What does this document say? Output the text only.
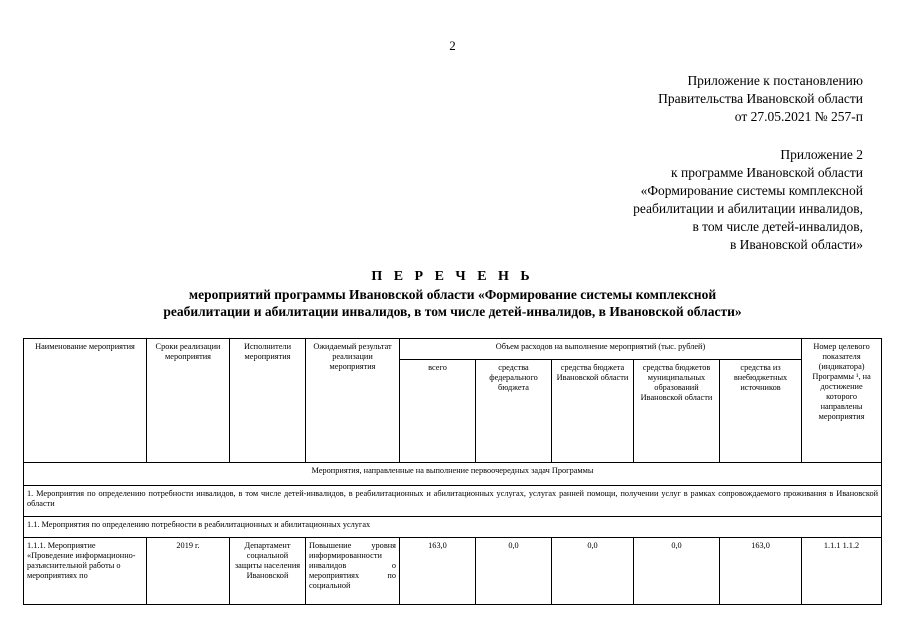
2
Приложение к постановлению
Правительства Ивановской области
от 27.05.2021 № 257-п
Приложение 2
к программе Ивановской области
«Формирование системы комплексной
реабилитации и абилитации инвалидов,
в том числе детей-инвалидов,
в Ивановской области»
П Е Р Е Ч Е Н Ь
мероприятий программы Ивановской области «Формирование системы комплексной
реабилитации и абилитации инвалидов, в том числе детей-инвалидов, в Ивановской области»
Наименование мероприятия	Сроки реализации мероприятия	Исполнители мероприятия	Ожидаемый результат реализации мероприятия	Объем расходов на выполнение мероприятий (тыс. рублей)					Номер целевого показателя (индикатора) Программы ¹, на достижение которого направлены мероприятия
				всего	средства федерального бюджета	средства бюджета Ивановской области	средства бюджетов муниципальных образований Ивановской области	средства из внебюджетных источников	
Мероприятия, направленные на выполнение первоочередных задач Программы									
1. Мероприятия по определению потребности инвалидов, в том числе детей-инвалидов, в реабилитационных и абилитационных услугах, услугах ранней помощи, получении услуг в рамках сопровождаемого проживания в Ивановской области									
1.1. Мероприятия по определению потребности в реабилитационных и абилитационных услугах									
1.1.1. Мероприятие «Проведение информационно-разъяснительной работы о мероприятиях по	2019 г.	Департамент социальной защиты населения Ивановской	Повышение уровня информированности инвалидов о мероприятиях по социальной	163,0	0,0	0,0	0,0	163,0	1.1.1 1.1.2
